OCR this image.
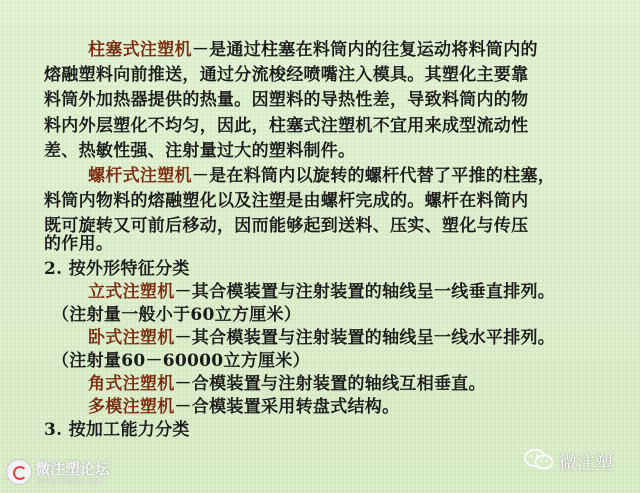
柱塞式注塑机－是通过柱塞在料筒内的往复运动将料筒内的
熔融塑料向前推送，通过分流梭经喷嘴注入模具。其塑化主要靠
料筒外加热器提供的热量。因塑料的导热性差，导致料筒内的物
料内外层塑化不均匀，因此，柱塞式注塑机不宜用来成型流动性
差、热敏性强、注射量过大的塑料制件。
螺杆式注塑机－是在料筒内以旋转的螺杆代替了平推的柱塞，
料筒内物料的熔融塑化以及注塑是由螺杆完成的。螺杆在料筒内
既可旋转又可前后移动，因而能够起到送料、压实、塑化与传压
的作用。
2. 按外形特征分类
立式注塑机－其合模装置与注射装置的轴线呈一线垂直排列。
（注射量一般小于60立方厘米）
卧式注塑机－其合模装置与注射装置的轴线呈一线水平排列。
（注射量60－60000立方厘米）
角式注塑机－合模装置与注射装置的轴线互相垂直。
多模注塑机－合模装置采用转盘式结构。
3. 按加工能力分类
微注塑论坛
www.vzhusu.com
微注塑
